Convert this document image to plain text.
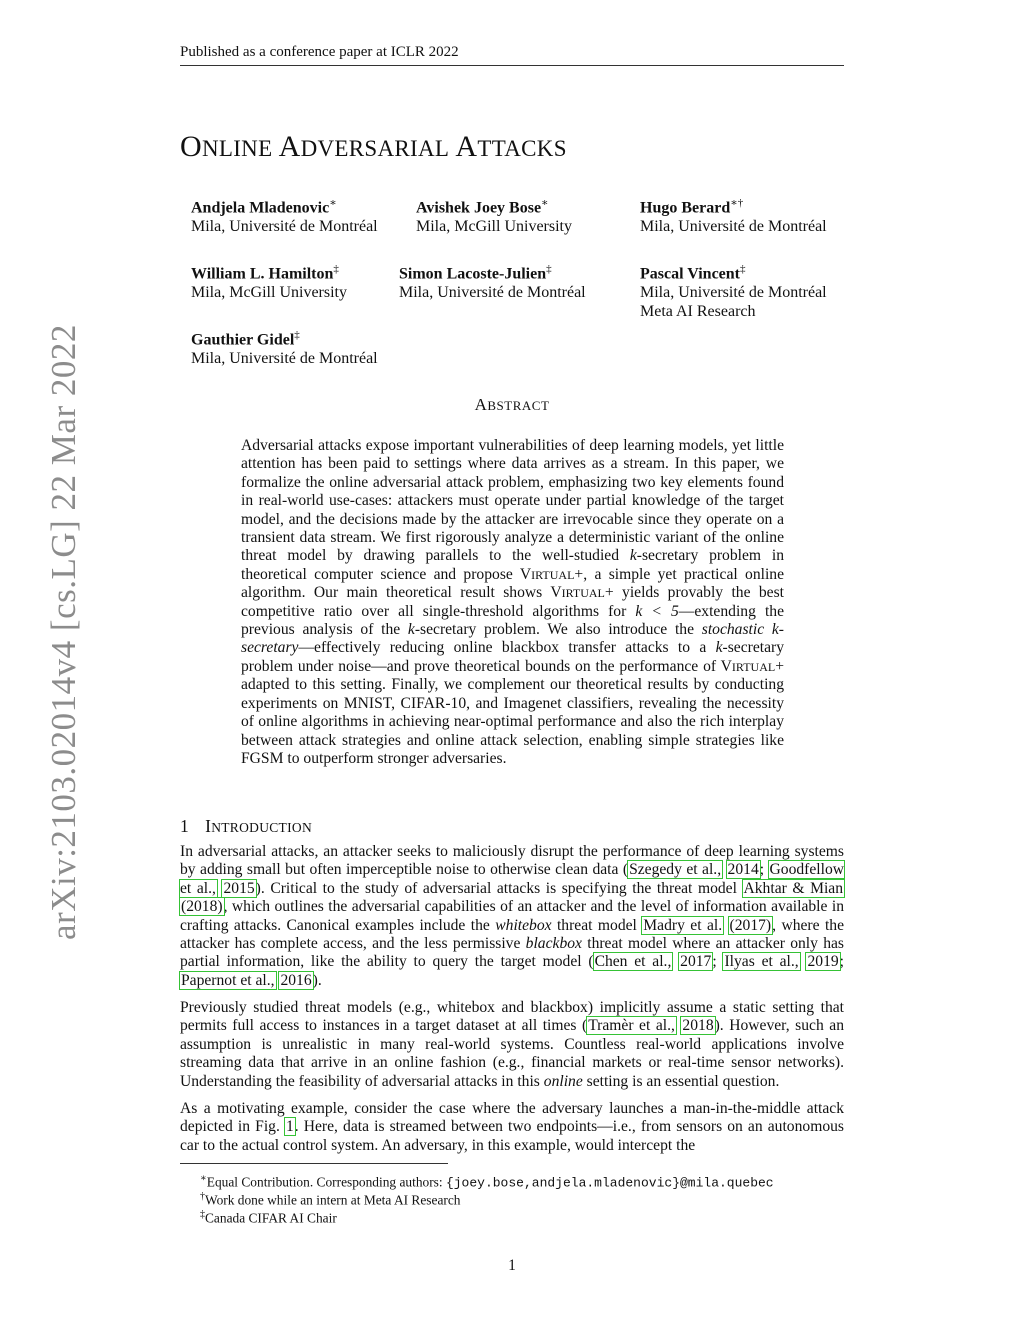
Published as a conference paper at ICLR 2022
arXiv:2103.02014v4 [cs.LG] 22 Mar 2022
ONLINE ADVERSARIAL ATTACKS
Andjela Mladenovic∗
Mila, Université de Montréal
Avishek Joey Bose∗
Mila, McGill University
Hugo Berard∗†
Mila, Université de Montréal
William L. Hamilton‡
Mila, McGill University
Simon Lacoste-Julien‡
Mila, Université de Montréal
Pascal Vincent‡
Mila, Université de Montréal
Meta AI Research
Gauthier Gidel‡
Mila, Université de Montréal
ABSTRACT
Adversarial attacks expose important vulnerabilities of deep learning models, yet little attention has been paid to settings where data arrives as a stream. In this paper, we formalize the online adversarial attack problem, emphasizing two key elements found in real-world use-cases: attackers must operate under partial knowledge of the target model, and the decisions made by the attacker are irrevocable since they operate on a transient data stream. We first rigorously analyze a deterministic variant of the online threat model by drawing parallels to the well-studied k-secretary problem in theoretical computer science and propose VIRTUAL+, a simple yet practical online algorithm. Our main theoretical result shows VIRTUAL+ yields provably the best competitive ratio over all single-threshold algorithms for k < 5—extending the previous analysis of the k-secretary problem. We also introduce the stochastic k-secretary—effectively reducing online blackbox transfer attacks to a k-secretary problem under noise—and prove theoretical bounds on the performance of VIRTUAL+ adapted to this setting. Finally, we complement our theoretical results by conducting experiments on MNIST, CIFAR-10, and Imagenet classifiers, revealing the necessity of online algorithms in achieving near-optimal performance and also the rich interplay between attack strategies and online attack selection, enabling simple strategies like FGSM to outperform stronger adversaries.
1 INTRODUCTION
In adversarial attacks, an attacker seeks to maliciously disrupt the performance of deep learning systems by adding small but often imperceptible noise to otherwise clean data (Szegedy et al., 2014; Goodfellow et al., 2015). Critical to the study of adversarial attacks is specifying the threat model Akhtar & Mian (2018), which outlines the adversarial capabilities of an attacker and the level of information available in crafting attacks. Canonical examples include the whitebox threat model Madry et al. (2017), where the attacker has complete access, and the less permissive blackbox threat model where an attacker only has partial information, like the ability to query the target model (Chen et al., 2017; Ilyas et al., 2019; Papernot et al., 2016).
Previously studied threat models (e.g., whitebox and blackbox) implicitly assume a static setting that permits full access to instances in a target dataset at all times (Tramèr et al., 2018). However, such an assumption is unrealistic in many real-world systems. Countless real-world applications involve streaming data that arrive in an online fashion (e.g., financial markets or real-time sensor networks). Understanding the feasibility of adversarial attacks in this online setting is an essential question.
As a motivating example, consider the case where the adversary launches a man-in-the-middle attack depicted in Fig. 1. Here, data is streamed between two endpoints—i.e., from sensors on an autonomous car to the actual control system. An adversary, in this example, would intercept the
∗Equal Contribution. Corresponding authors: {joey.bose,andjela.mladenovic}@mila.quebec
†Work done while an intern at Meta AI Research
‡Canada CIFAR AI Chair
1
